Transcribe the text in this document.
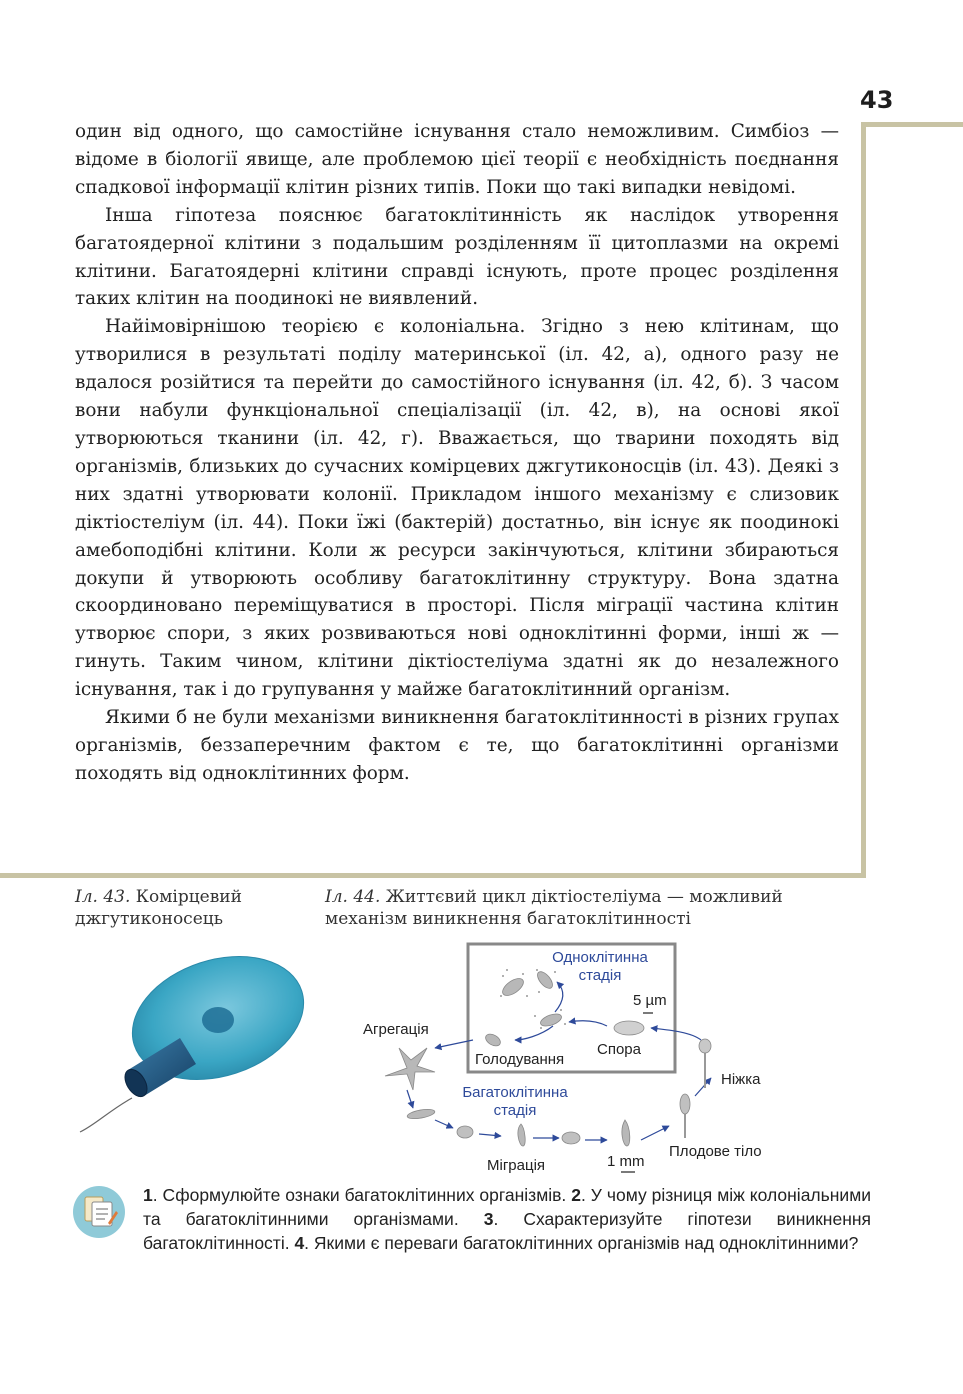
43

один від одного, що самостійне існування стало неможливим. Симбіоз — відоме в біології явище, але проблемою цієї теорії є необхідність поєднання спадкової інформації клітин різних типів. Поки що такі випадки невідомі.

Інша гіпотеза пояснює багатоклітинність як наслідок утворення багатоядерної клітини з подальшим розділенням її цитоплазми на окремі клітини. Багатоядерні клітини справді існують, проте процес розділення таких клітин на поодинокі не виявлений.

Найімовірнішою теорією є колоніальна. Згідно з нею клітинам, що утворилися в результаті поділу материнської (іл. 42, а), одного разу не вдалося розійтися та перейти до самостійного існування (іл. 42, б). З часом вони набули функціональної спеціалізації (іл. 42, в), на основі якої утворюються тканини (іл. 42, г). Вважається, що тварини походять від організмів, близьких до сучасних комірцевих джгутиконосців (іл. 43). Деякі з них здатні утворювати колонії. Прикладом іншого механізму є слизовик діктіостеліум (іл. 44). Поки їжі (бактерій) достатньо, він існує як поодинокі амебоподібні клітини. Коли ж ресурси закінчуються, клітини збираються докупи й утворюють особливу багатоклітинну структуру. Вона здатна скоординовано переміщуватися в просторі. Після міграції частина клітин утворює спори, з яких розвиваються нові одноклітинні форми, інші ж — гинуть. Таким чином, клітини діктіостеліума здатні як до незалежного існування, так і до групування у майже багатоклітинний організм.

Якими б не були механізми виникнення багатоклітинності в різних групах організмів, беззаперечним фактом є те, що багатоклітинні організми походять від одноклітинних форм.

Іл. 43. Комірцевий джгутиконосець
Іл. 44. Життєвий цикл діктіостеліума — можливий механізм виникнення багатоклітинності
Одноклітинна
стадія
5 µm
Голодування
Спора
Агрегація
Багатоклітинна
стадія
Міграція	1 mm
Плодове тіло
Ніжка
1. Сформулюйте ознаки багатоклітинних організмів. 2. У чому різниця між колоніальними та багатоклітинними організмами. 3. Схарактеризуйте гіпотези виникнення багатоклітинності. 4. Якими є переваги багатоклітинних організмів над одноклітинними?
